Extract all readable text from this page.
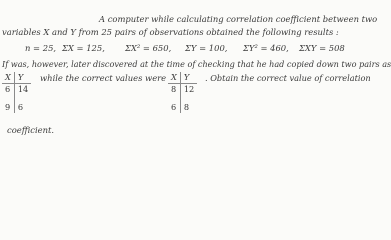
A computer while calculating correlation coefficient between two
variables X and Y from 25 pairs of observations obtained the following results :
n = 25, ΣX = 125, ΣX² = 650, ΣY = 100, ΣY² = 460, ΣXY = 508
If was, however, later discovered at the time of checking that he had copied down two pairs as
X	Y
6	14

9	6
while the correct values were X	Y
8	12

6	8
. Obtain the correct value of correlation
coefficient.
